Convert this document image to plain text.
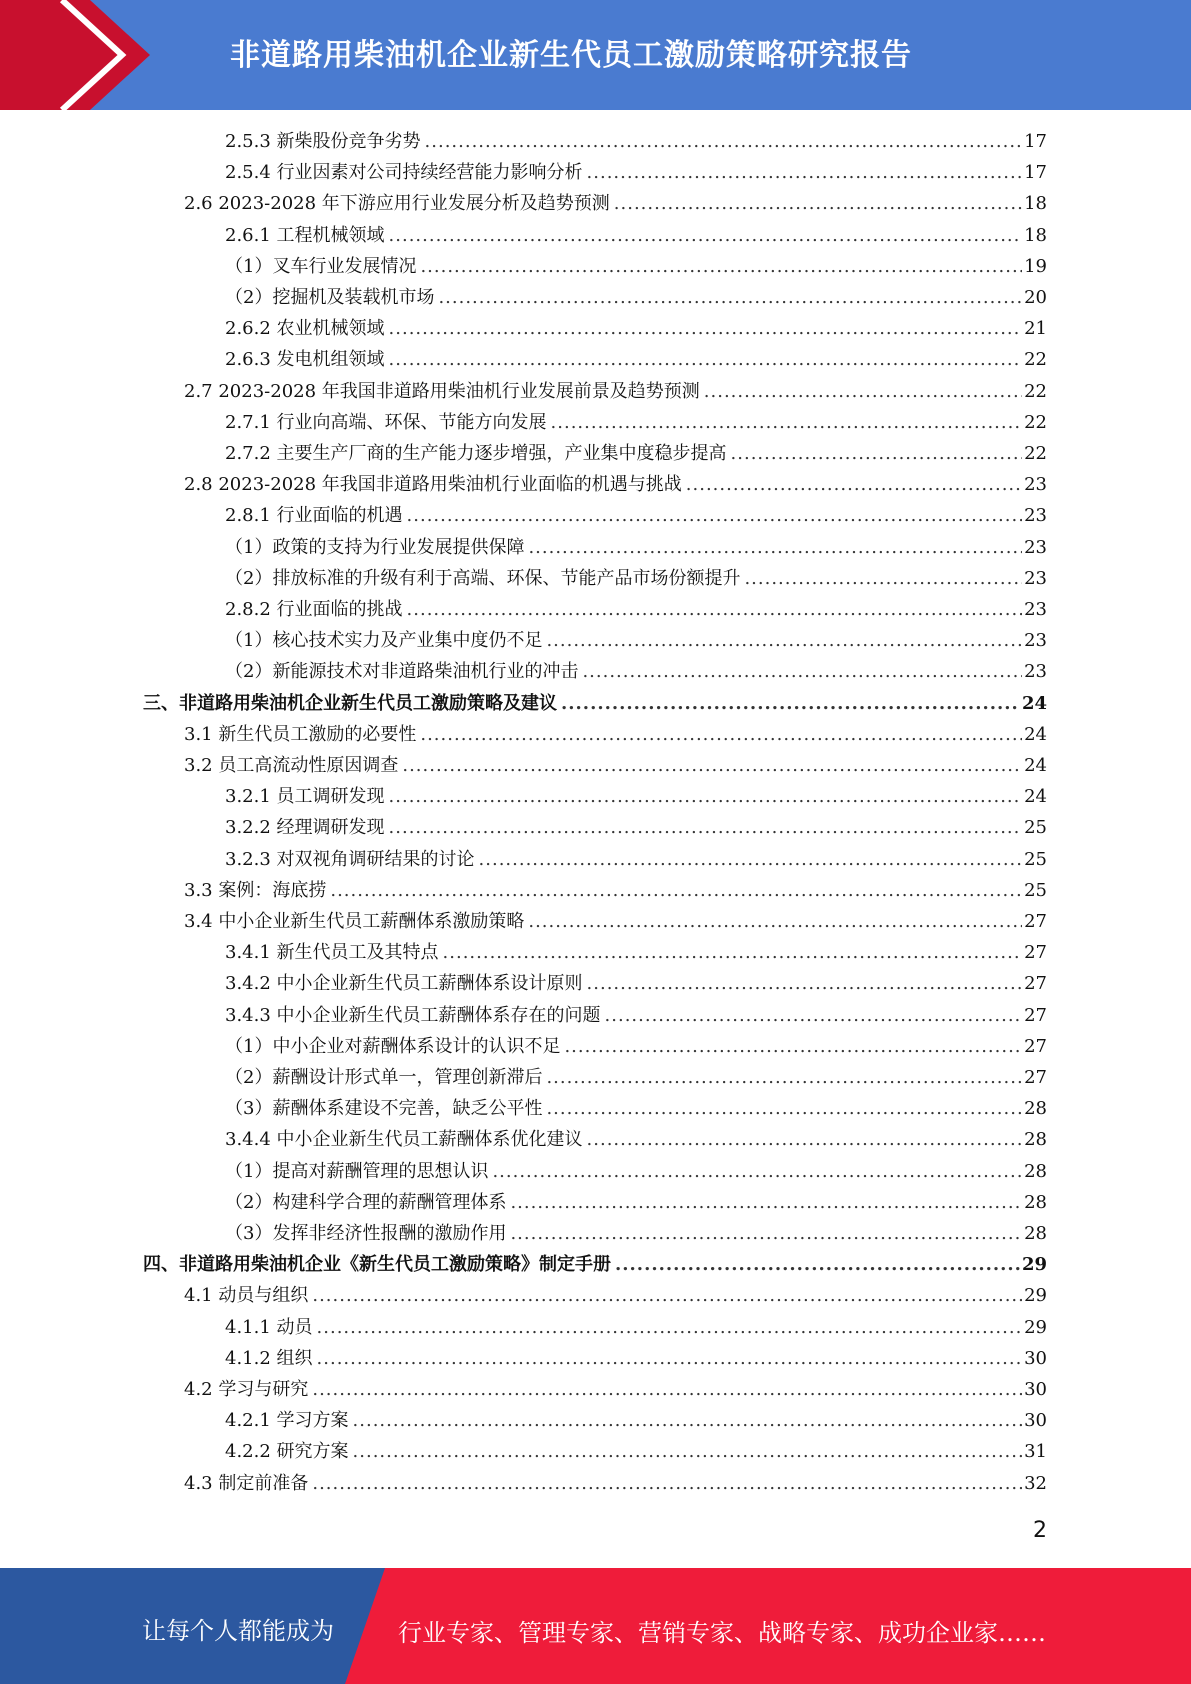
非道路用柴油机企业新生代员工激励策略研究报告
2.5.3 新柴股份竞争劣势 .....	17
2.5.4 行业因素对公司持续经营能力影响分析 .....	17
2.6 2023-2028 年下游应用行业发展分析及趋势预测 .....	18
2.6.1 工程机械领域 .....	18
（1）叉车行业发展情况 .....	19
（2）挖掘机及装载机市场 .....	20
2.6.2 农业机械领域 .....	21
2.6.3 发电机组领域 .....	22
2.7 2023-2028 年我国非道路用柴油机行业发展前景及趋势预测 .....	22
2.7.1 行业向高端、环保、节能方向发展 .....	22
2.7.2 主要生产厂商的生产能力逐步增强，产业集中度稳步提高 .....	22
2.8 2023-2028 年我国非道路用柴油机行业面临的机遇与挑战 .....	23
2.8.1 行业面临的机遇 .....	23
（1）政策的支持为行业发展提供保障 .....	23
（2）排放标准的升级有利于高端、环保、节能产品市场份额提升 .....	23
2.8.2 行业面临的挑战 .....	23
（1）核心技术实力及产业集中度仍不足 .....	23
（2）新能源技术对非道路柴油机行业的冲击 .....	23
三、非道路用柴油机企业新生代员工激励策略及建议 .....	24
3.1 新生代员工激励的必要性 .....	24
3.2 员工高流动性原因调查 .....	24
3.2.1 员工调研发现 .....	24
3.2.2 经理调研发现 .....	25
3.2.3 对双视角调研结果的讨论 .....	25
3.3 案例：海底捞 .....	25
3.4 中小企业新生代员工薪酬体系激励策略 .....	27
3.4.1 新生代员工及其特点 .....	27
3.4.2 中小企业新生代员工薪酬体系设计原则 .....	27
3.4.3 中小企业新生代员工薪酬体系存在的问题 .....	27
（1）中小企业对薪酬体系设计的认识不足 .....	27
（2）薪酬设计形式单一，管理创新滞后 .....	27
（3）薪酬体系建设不完善，缺乏公平性 .....	28
3.4.4 中小企业新生代员工薪酬体系优化建议 .....	28
（1）提高对薪酬管理的思想认识 .....	28
（2）构建科学合理的薪酬管理体系 .....	28
（3）发挥非经济性报酬的激励作用 .....	28
四、非道路用柴油机企业《新生代员工激励策略》制定手册 .....	29
4.1 动员与组织 .....	29
4.1.1 动员 .....	29
4.1.2 组织 .....	30
4.2 学习与研究 .....	30
4.2.1 学习方案 .....	30
4.2.2 研究方案 .....	31
4.3 制定前准备 .....	32
2
让每个人都能成为	行业专家、管理专家、营销专家、战略专家、成功企业家……
